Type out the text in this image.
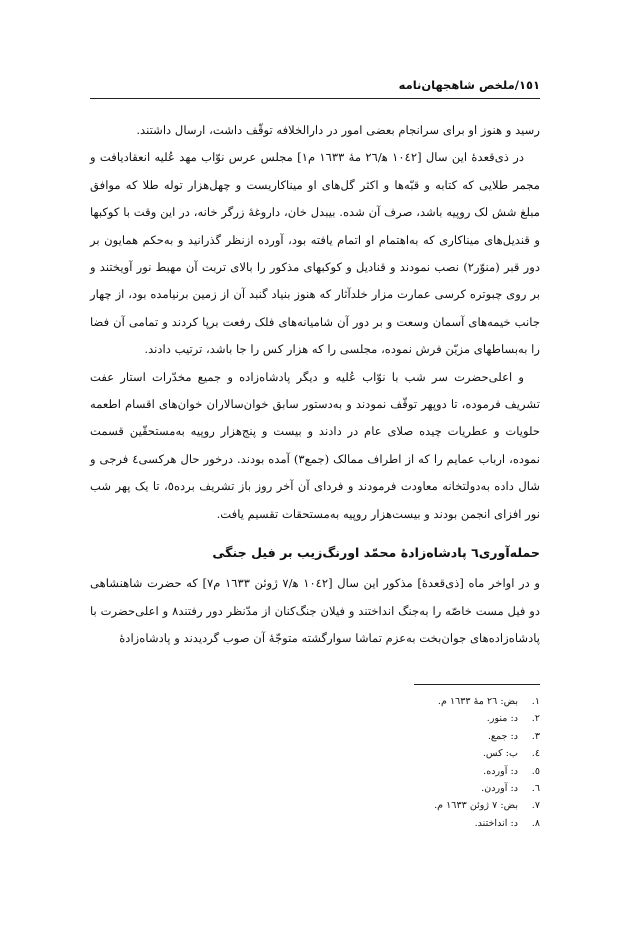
١٥١/ملخص شاهجهان‌نامه

رسید و هنوز او برای سرانجام بعضی امور در دارالخلافه توقّف داشت، ارسال داشتند.

در ذی‌قعدهٔ این سال [١٠٤٢ ﻫ/٢٦ مهٔ ١٦٣٣ م١] مجلس عرس نوّاب مهد عُلیه انعقادیافت و مجمر طلایی که کتابه و قبّه‌ها و اکثر گل‌های او میناکاریست و چهل‌هزار توله طلا که موافق مبلغ شش لک روپیه باشد، صرف آن شده. بیبدل خان، داروغهٔ زرگر خانه، در این وقت با کوکبها و قندیل‌های میناکاری که به‌اهتمام او اتمام یافته بود، آورده ازنظر گذرانید و به‌حکم همایون بر دور قبر (منوّر٢) نصب نمودند و قنادیل و کوکبهای مذکور را بالای تربت آن مهبط نور آویختند و بر روی چبوتره کرسی عمارت مزار خلدآثار که هنوز بنیاد گنبد آن از زمین برنیامده بود، از چهار جانب خیمه‌های آسمان وسعت و بر دور آن شامیانه‌های فلک رفعت برپا کردند و تمامی آن فضا را به‌بساطهای مزیّن فرش نموده، مجلسی را که هزار کس را جا باشد، ترتیب دادند.

و اعلی‌حضرت سر شب با نوّاب عُلیه و دیگر پادشاه‌زاده و جمیع مخدّرات استار عفت تشریف فرموده، تا دوپهر توقّف نمودند و به‌دستور سابق خوان‌سالاران خوان‌های اقسام اطعمه حلویات و عطریات چیده صلای عام در دادند و بیست و پنج‌هزار روپیه به‌مستحقّین قسمت نموده، ارباب عمایم را که از اطراف ممالک (جمع٣) آمده بودند. درخور حال هرکسی٤ فرجی و شال داده به‌دولتخانه معاودت فرمودند و فردای آن آخر روز باز تشریف برده٥، تا یک پهر شب نور افزای انجمن بودند و بیست‌هزار روپیه به‌مستحقات تقسیم یافت.

حمله‌آوری٦ پادشاه‌زادهٔ محمّد اورنگ‌زیب بر فیل جنگی

و در اواخر ماه [ذی‌قعدهٔ] مذکور این سال [١٠٤٢ ﻫ/٧ ژوئن ١٦٣٣ م٧] که حضرت شاهنشاهی دو فیل مست خاصّه را به‌جنگ انداختند و فیلان جنگ‌کنان از مدّنظر دور رفتند٨ و اعلی‌حضرت با پادشاه‌زاده‌های جوان‌بخت به‌عزم تماشا سوارگشته متوجّهٔ آن صوب گردیدند و پادشاه‌زادهٔ

١.
بض: ٢٦ مهٔ ١٦٣٣ م.
٢.
د: منور.
٣.
د: جمع.
٤.
ب: کس.
٥.
د: آورده.
٦.
د: آوردن.
٧.
بض: ٧ ژوئن ١٦٣٣ م.
٨.
د: انداختند.
